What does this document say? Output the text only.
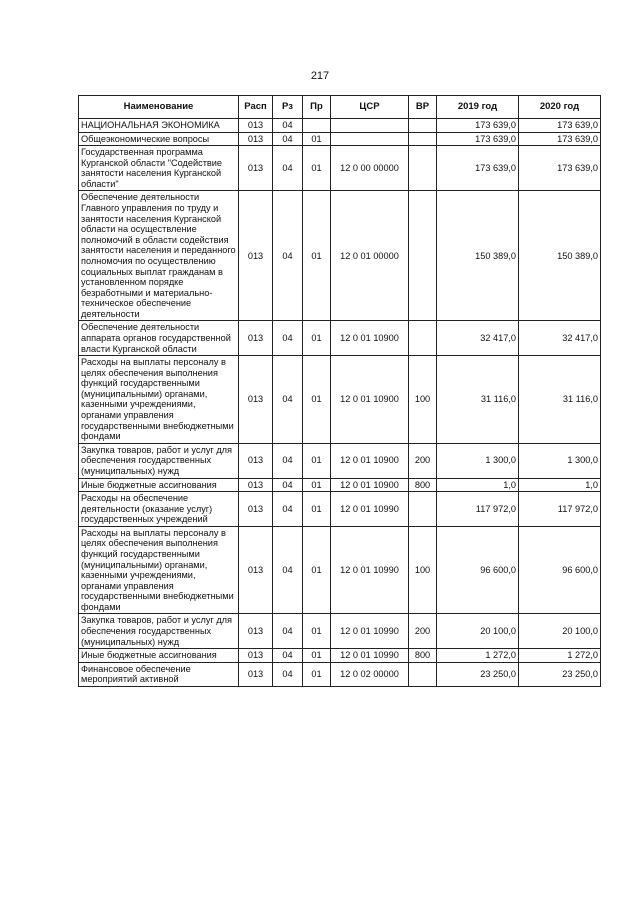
217
Наименование	Расп	Рз	Пр	ЦСР	ВР	2019 год	2020 год
НАЦИОНАЛЬНАЯ ЭКОНОМИКА	013	04				173 639,0	173 639,0
Общеэкономические вопросы	013	04	01			173 639,0	173 639,0
Государственная программа Курганской области "Содействие занятости населения Курганской области"	013	04	01	12 0 00 00000		173 639,0	173 639,0
Обеспечение деятельности Главного управления по труду и занятости населения Курганской области на осуществление полномочий в области содействия занятости населения и переданного полномочия по осуществлению социальных выплат гражданам в установленном порядке безработными и материально-техническое обеспечение деятельности	013	04	01	12 0 01 00000		150 389,0	150 389,0
Обеспечение деятельности аппарата органов государственной власти Курганской области	013	04	01	12 0 01 10900		32 417,0	32 417,0
Расходы на выплаты персоналу в целях обеспечения выполнения функций государственными (муниципальными) органами, казенными учреждениями, органами управления государственными внебюджетными фондами	013	04	01	12 0 01 10900	100	31 116,0	31 116,0
Закупка товаров, работ и услуг для обеспечения государственных (муниципальных) нужд	013	04	01	12 0 01 10900	200	1 300,0	1 300,0
Иные бюджетные ассигнования	013	04	01	12 0 01 10900	800	1,0	1,0
Расходы на обеспечение деятельности (оказание услуг) государственных учреждений	013	04	01	12 0 01 10990		117 972,0	117 972,0
Расходы на выплаты персоналу в целях обеспечения выполнения функций государственными (муниципальными) органами, казенными учреждениями, органами управления государственными внебюджетными фондами	013	04	01	12 0 01 10990	100	96 600,0	96 600,0
Закупка товаров, работ и услуг для обеспечения государственных (муниципальных) нужд	013	04	01	12 0 01 10990	200	20 100,0	20 100,0
Иные бюджетные ассигнования	013	04	01	12 0 01 10990	800	1 272,0	1 272,0
Финансовое обеспечение мероприятий активной	013	04	01	12 0 02 00000		23 250,0	23 250,0
